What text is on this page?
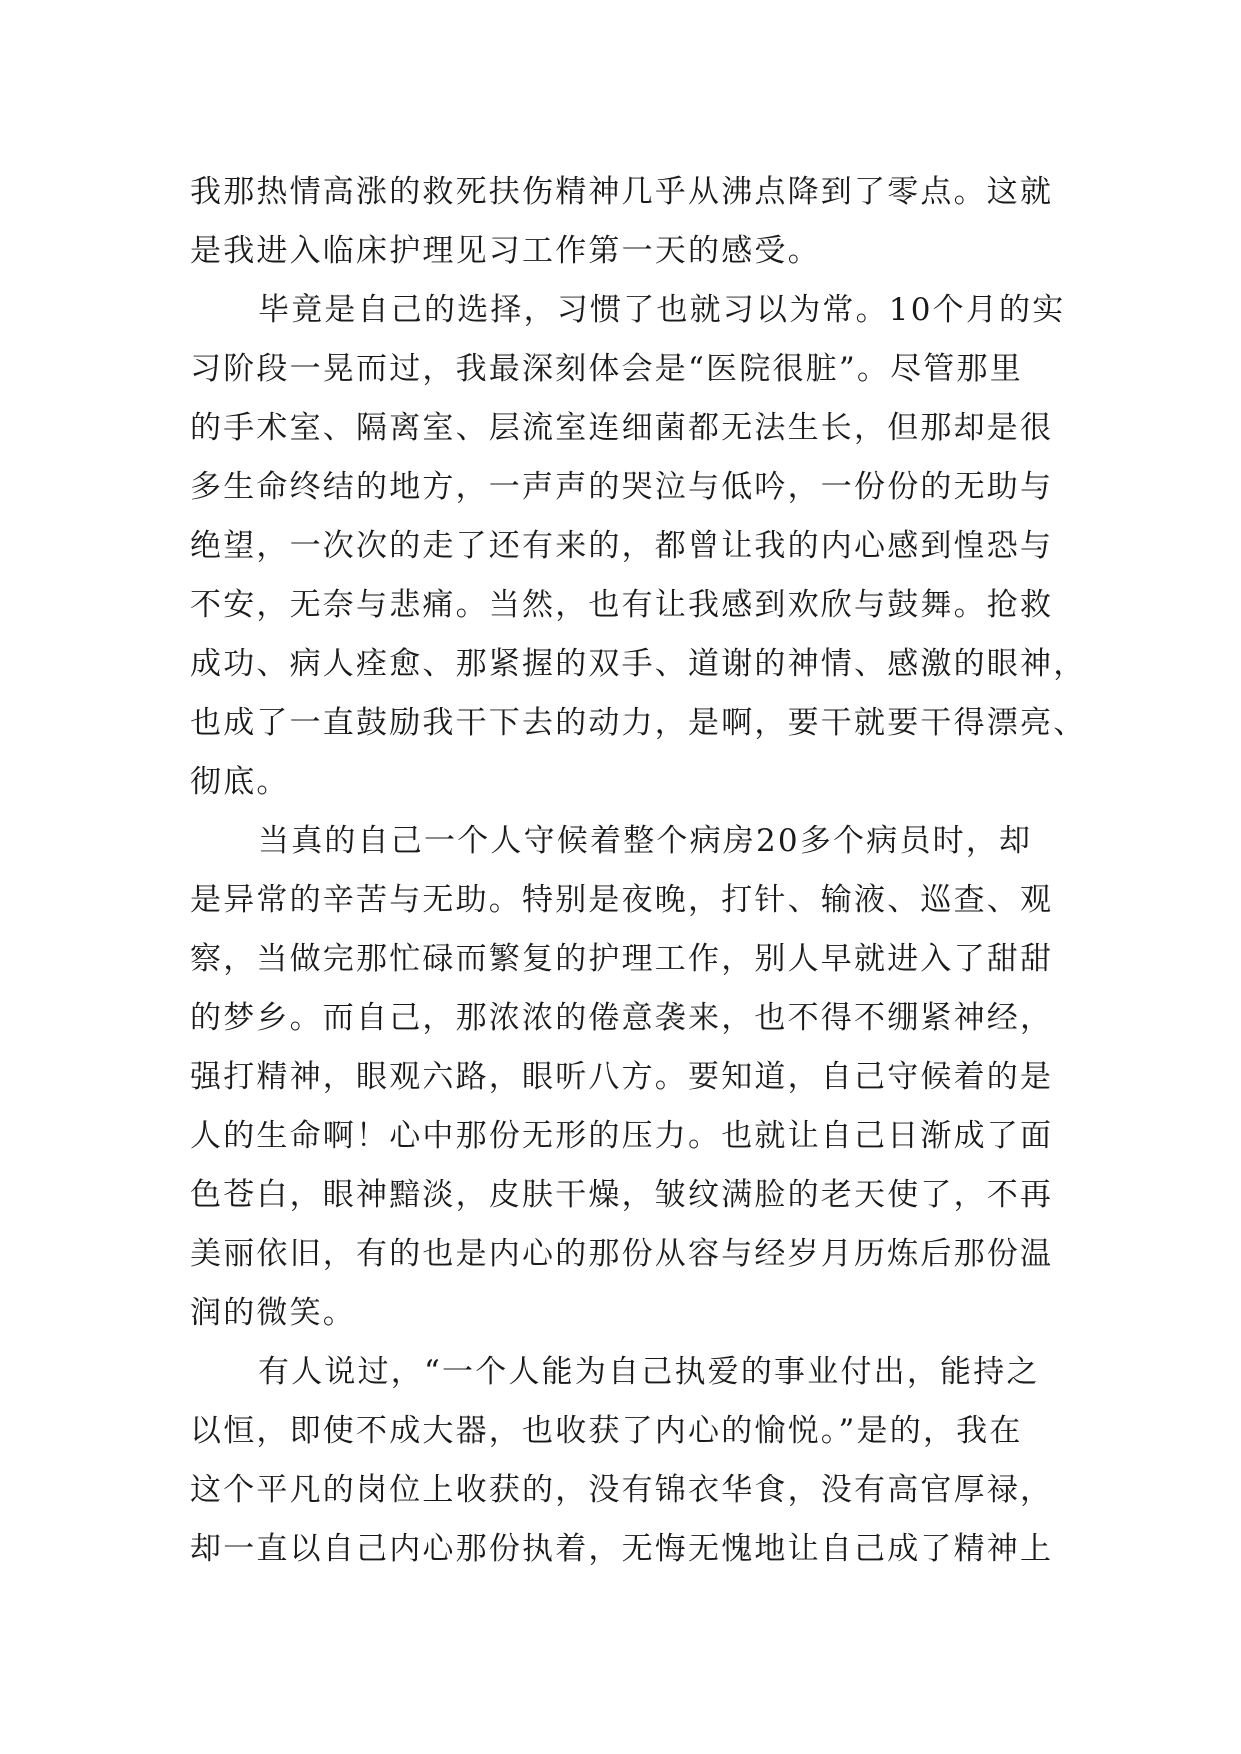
我那热情高涨的救死扶伤精神几乎从沸点降到了零点。这就
是我进入临床护理见习工作第一天的感受。
毕竟是自己的选择，习惯了也就习以为常。10个月的实
习阶段一晃而过，我最深刻体会是“医院很脏”。尽管那里
的手术室、隔离室、层流室连细菌都无法生长，但那却是很
多生命终结的地方，一声声的哭泣与低吟，一份份的无助与
绝望，一次次的走了还有来的，都曾让我的内心感到惶恐与
不安，无奈与悲痛。当然，也有让我感到欢欣与鼓舞。抢救
成功、病人痊愈、那紧握的双手、道谢的神情、感激的眼神，
也成了一直鼓励我干下去的动力，是啊，要干就要干得漂亮、
彻底。
当真的自己一个人守候着整个病房20多个病员时，却
是异常的辛苦与无助。特别是夜晚，打针、输液、巡查、观
察，当做完那忙碌而繁复的护理工作，别人早就进入了甜甜
的梦乡。而自己，那浓浓的倦意袭来，也不得不绷紧神经，
强打精神，眼观六路，眼听八方。要知道，自己守候着的是
人的生命啊！心中那份无形的压力。也就让自己日渐成了面
色苍白，眼神黯淡，皮肤干燥，皱纹满脸的老天使了，不再
美丽依旧，有的也是内心的那份从容与经岁月历炼后那份温
润的微笑。
有人说过，“一个人能为自己执爱的事业付出，能持之
以恒，即使不成大器，也收获了内心的愉悦。”是的，我在
这个平凡的岗位上收获的，没有锦衣华食，没有高官厚禄，
却一直以自己内心那份执着，无悔无愧地让自己成了精神上
